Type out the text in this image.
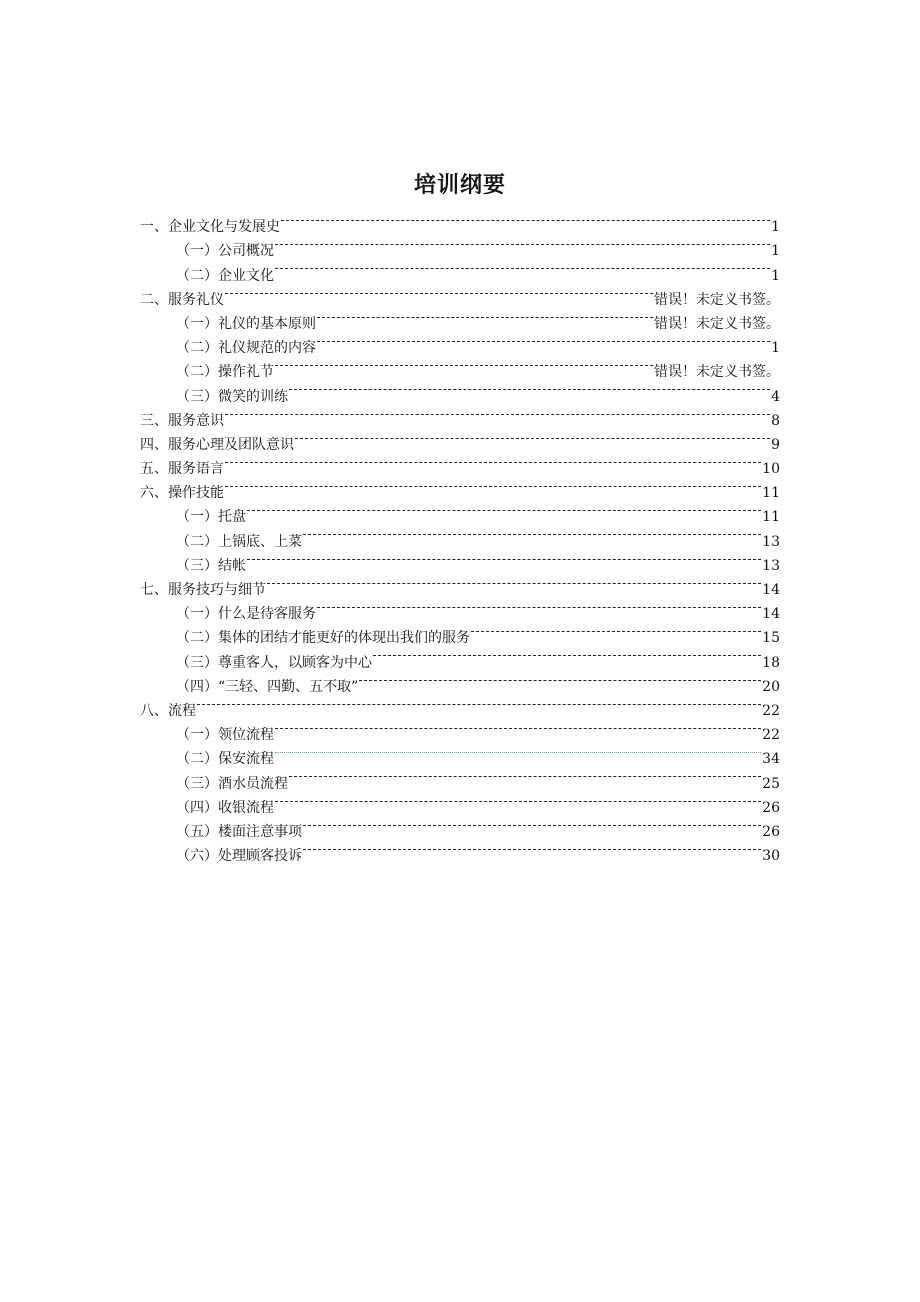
培训纲要
一、企业文化与发展史	1
（一）公司概况	1
（二）企业文化	1
二、服务礼仪	错误！未定义书签。
（一）礼仪的基本原则	错误！未定义书签。
（二）礼仪规范的内容	1
（二）操作礼节	错误！未定义书签。
（三）微笑的训练	4
三、服务意识	8
四、服务心理及团队意识	9
五、服务语言	10
六、操作技能	11
（一）托盘	11
（二）上锅底、上菜	13
（三）结帐	13
七、服务技巧与细节	14
（一）什么是待客服务	14
（二）集体的团结才能更好的体现出我们的服务	15
（三）尊重客人，以顾客为中心	18
（四）“三轻、四勤、五不取”	20
八、流程	22
（一）领位流程	22
（二）保安流程	34
（三）酒水员流程	25
（四）收银流程	26
（五）楼面注意事项	26
（六）处理顾客投诉	30
